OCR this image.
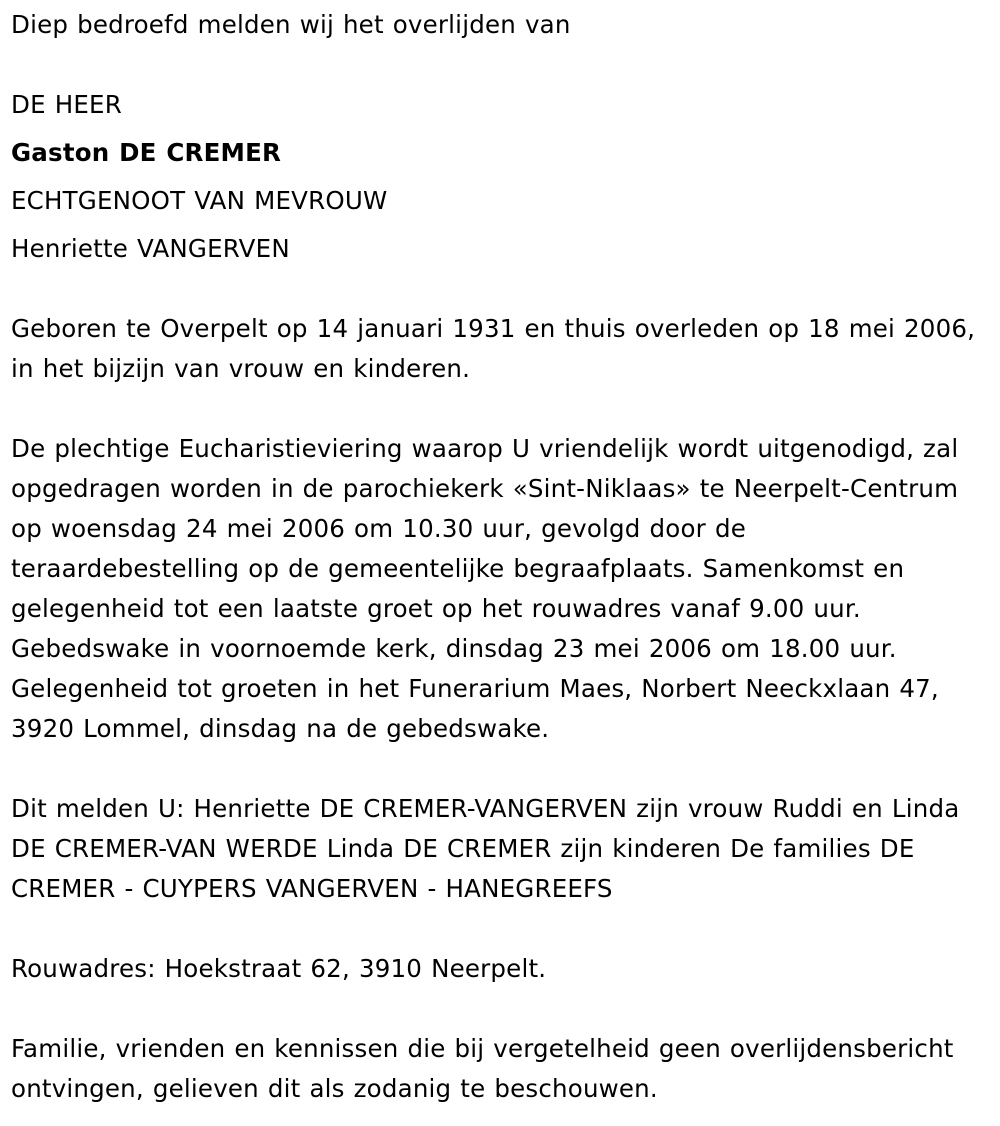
Diep bedroefd melden wij het overlijden van
DE HEER
Gaston DE CREMER
ECHTGENOOT VAN MEVROUW
Henriette VANGERVEN

Geboren te Overpelt op 14 januari 1931 en thuis overleden op 18 mei 2006, in het bijzijn van vrouw en kinderen.

De plechtige Eucharistieviering waarop U vriendelijk wordt uitgenodigd, zal opgedragen worden in de parochiekerk «Sint-Niklaas» te Neerpelt-Centrum op woensdag 24 mei 2006 om 10.30 uur, gevolgd door de teraardebestelling op de gemeentelijke begraafplaats. Samenkomst en gelegenheid tot een laatste groet op het rouwadres vanaf 9.00 uur. Gebedswake in voornoemde kerk, dinsdag 23 mei 2006 om 18.00 uur. Gelegenheid tot groeten in het Funerarium Maes, Norbert Neeckxlaan 47, 3920 Lommel, dinsdag na de gebedswake.

Dit melden U: Henriette DE CREMER-VANGERVEN zijn vrouw Ruddi en Linda DE CREMER-VAN WERDE Linda DE CREMER zijn kinderen De families DE CREMER - CUYPERS VANGERVEN - HANEGREEFS

Rouwadres: Hoekstraat 62, 3910 Neerpelt.

Familie, vrienden en kennissen die bij vergetelheid geen overlijdensbericht ontvingen, gelieven dit als zodanig te beschouwen.
